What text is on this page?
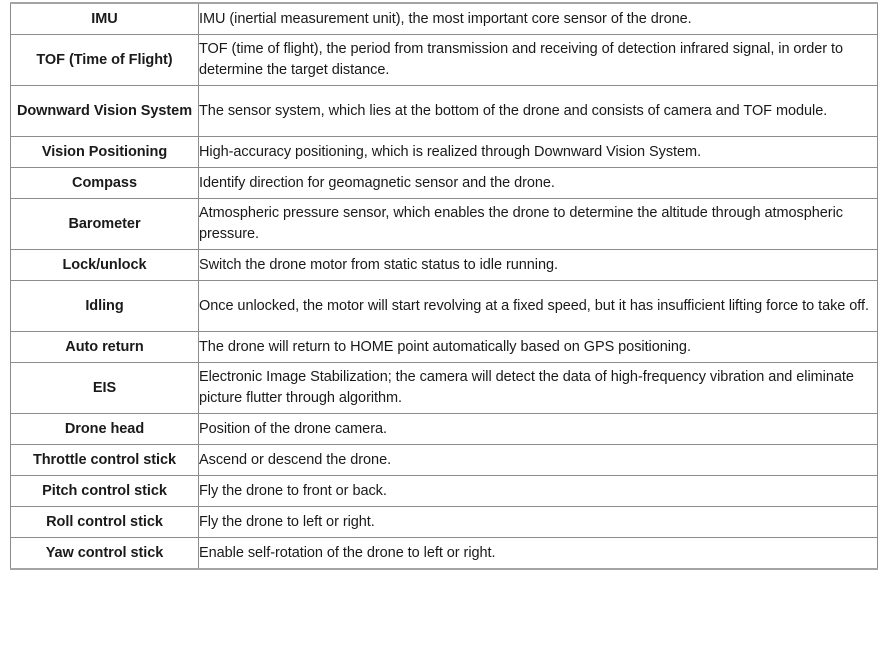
IMU	IMU (inertial measurement unit), the most important core sensor of the drone.
TOF (Time of Flight)	TOF (time of flight), the period from transmission and receiving of detection infrared signal, in order to determine the target distance.
Downward Vision System	The sensor system, which lies at the bottom of the drone and consists of camera and TOF module.
Vision Positioning	High-accuracy positioning, which is realized through Downward Vision System.
Compass	Identify direction for geomagnetic sensor and the drone.
Barometer	Atmospheric pressure sensor, which enables the drone to determine the altitude through atmospheric pressure.
Lock/unlock	Switch the drone motor from static status to idle running.
Idling	Once unlocked, the motor will start revolving at a fixed speed, but it has insufficient lifting force to take off.
Auto return	The drone will return to HOME point automatically based on GPS positioning.
EIS	Electronic Image Stabilization; the camera will detect the data of high-frequency vibration and eliminate picture flutter through algorithm.
Drone head	Position of the drone camera.
Throttle control stick	Ascend or descend the drone.
Pitch control stick	Fly the drone to front or back.
Roll control stick	Fly the drone to left or right.
Yaw control stick	Enable self-rotation of the drone to left or right.
